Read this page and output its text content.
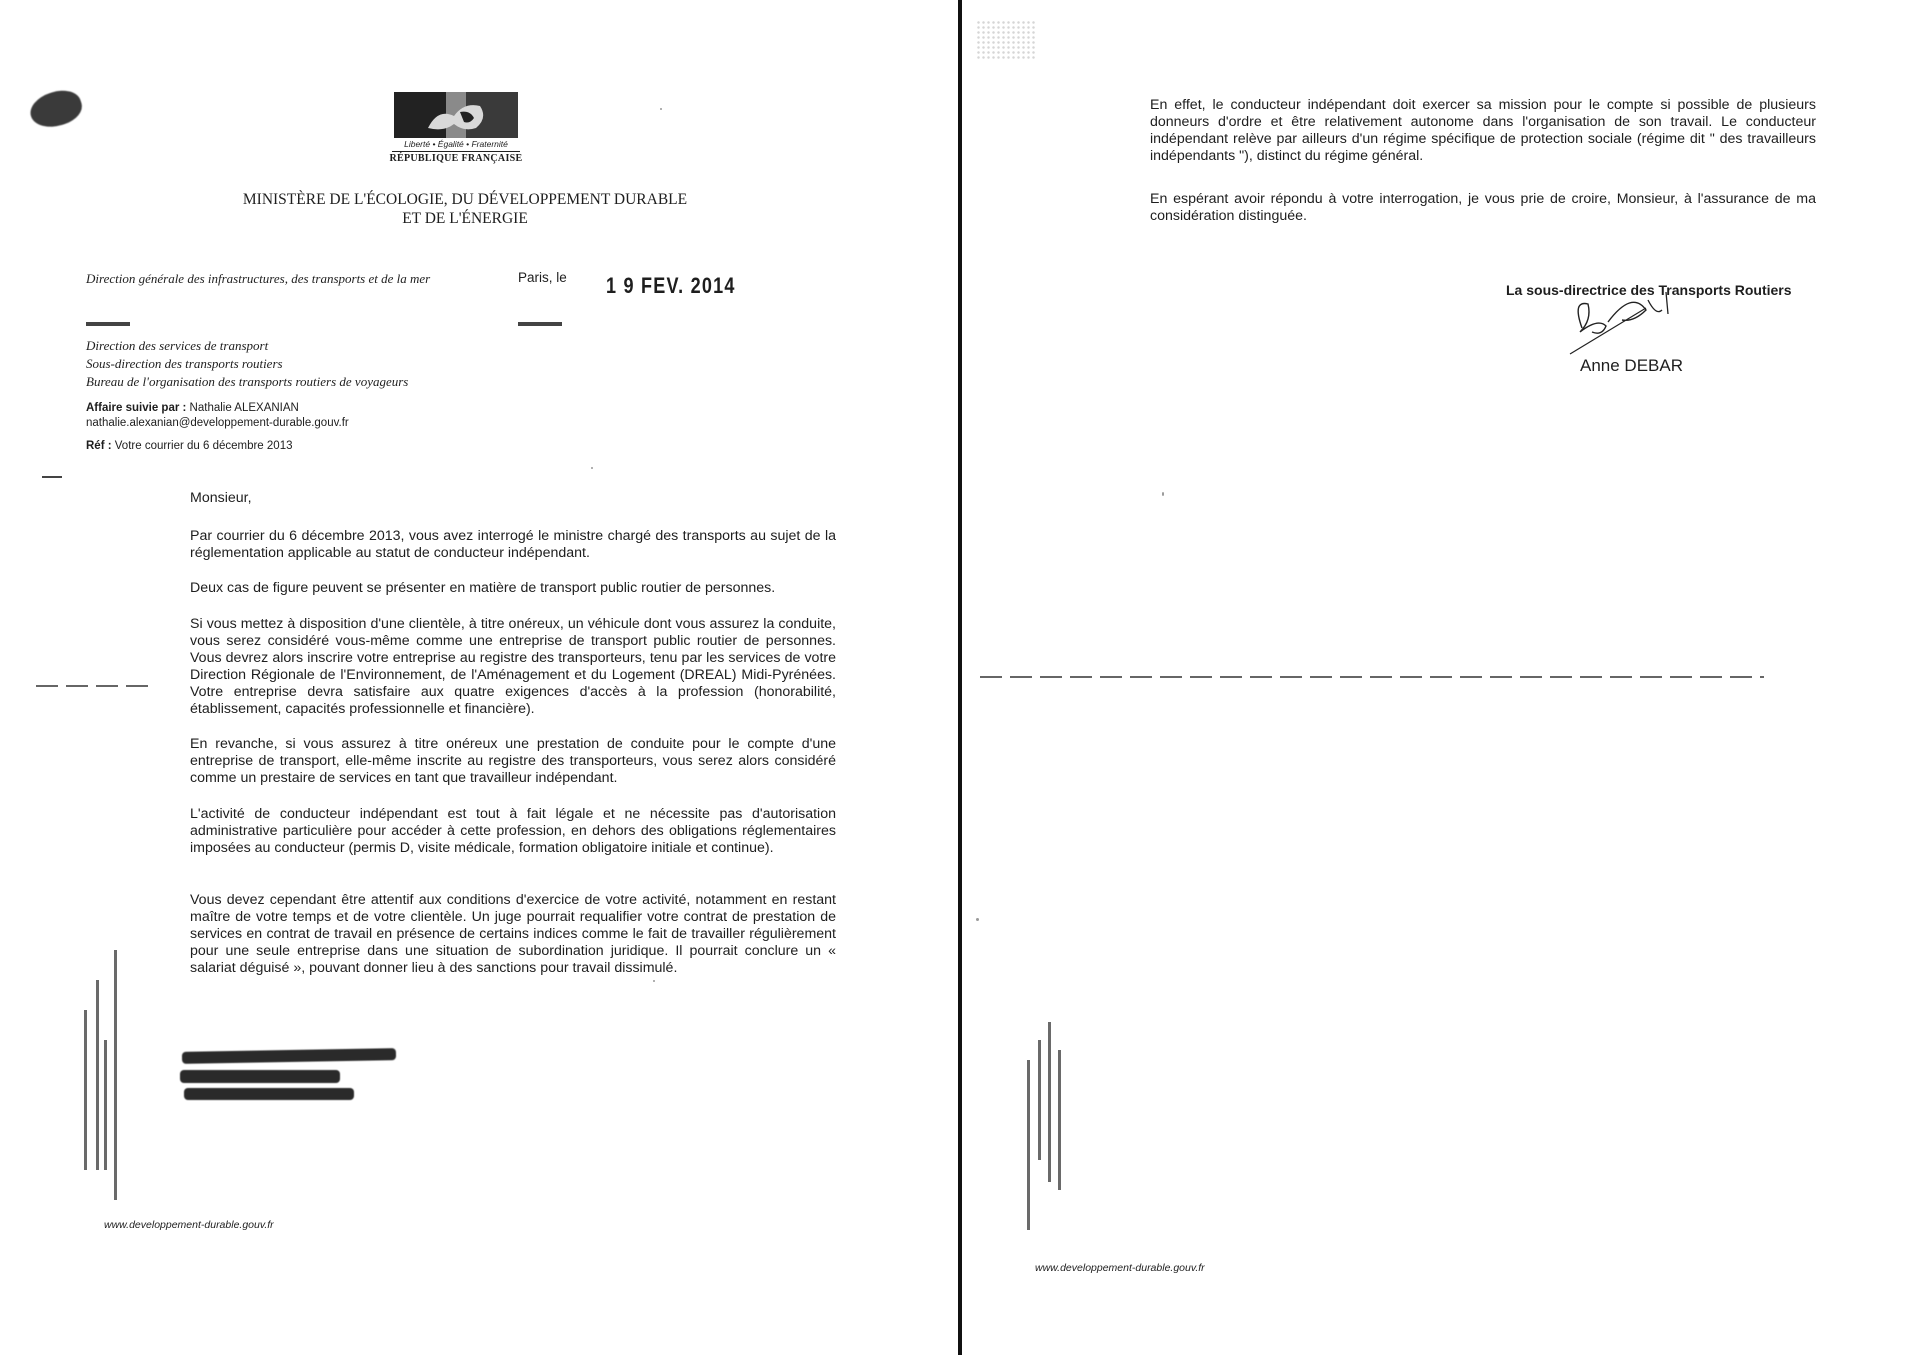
Liberté • Égalité • Fraternité
RÉPUBLIQUE FRANÇAISE
MINISTÈRE DE L'ÉCOLOGIE, DU DÉVELOPPEMENT DURABLE
ET DE L'ÉNERGIE
Direction générale des infrastructures, des transports et de la mer	Paris, le 1 9 FEV. 2014
Direction des services de transport
Sous-direction des transports routiers
Bureau de l'organisation des transports routiers de voyageurs
Affaire suivie par : Nathalie ALEXANIAN
nathalie.alexanian@developpement-durable.gouv.fr
Réf : Votre courrier du 6 décembre 2013
Monsieur,
Par courrier du 6 décembre 2013, vous avez interrogé le ministre chargé des transports au sujet de la réglementation applicable au statut de conducteur indépendant.
Deux cas de figure peuvent se présenter en matière de transport public routier de personnes.
Si vous mettez à disposition d'une clientèle, à titre onéreux, un véhicule dont vous assurez la conduite, vous serez considéré vous-même comme une entreprise de transport public routier de personnes. Vous devrez alors inscrire votre entreprise au registre des transporteurs, tenu par les services de votre Direction Régionale de l'Environnement, de l'Aménagement et du Logement (DREAL) Midi-Pyrénées. Votre entreprise devra satisfaire aux quatre exigences d'accès à la profession (honorabilité, établissement, capacités professionnelle et financière).
En revanche, si vous assurez à titre onéreux une prestation de conduite pour le compte d'une entreprise de transport, elle-même inscrite au registre des transporteurs, vous serez alors considéré comme un prestaire de services en tant que travailleur indépendant.
L'activité de conducteur indépendant est tout à fait légale et ne nécessite pas d'autorisation administrative particulière pour accéder à cette profession, en dehors des obligations réglementaires imposées au conducteur (permis D, visite médicale, formation obligatoire initiale et continue).
Vous devez cependant être attentif aux conditions d'exercice de votre activité, notamment en restant maître de votre temps et de votre clientèle. Un juge pourrait requalifier votre contrat de prestation de services en contrat de travail en présence de certains indices comme le fait de travailler régulièrement pour une seule entreprise dans une situation de subordination juridique. Il pourrait conclure un « salariat déguisé », pouvant donner lieu à des sanctions pour travail dissimulé.
www.developpement-durable.gouv.fr
En effet, le conducteur indépendant doit exercer sa mission pour le compte si possible de plusieurs donneurs d'ordre et être relativement autonome dans l'organisation de son travail. Le conducteur indépendant relève par ailleurs d'un régime spécifique de protection sociale (régime dit " des travailleurs indépendants "), distinct du régime général.
En espérant avoir répondu à votre interrogation, je vous prie de croire, Monsieur, à l'assurance de ma considération distinguée.
La sous-directrice des Transports Routiers
Anne DEBAR
www.developpement-durable.gouv.fr
